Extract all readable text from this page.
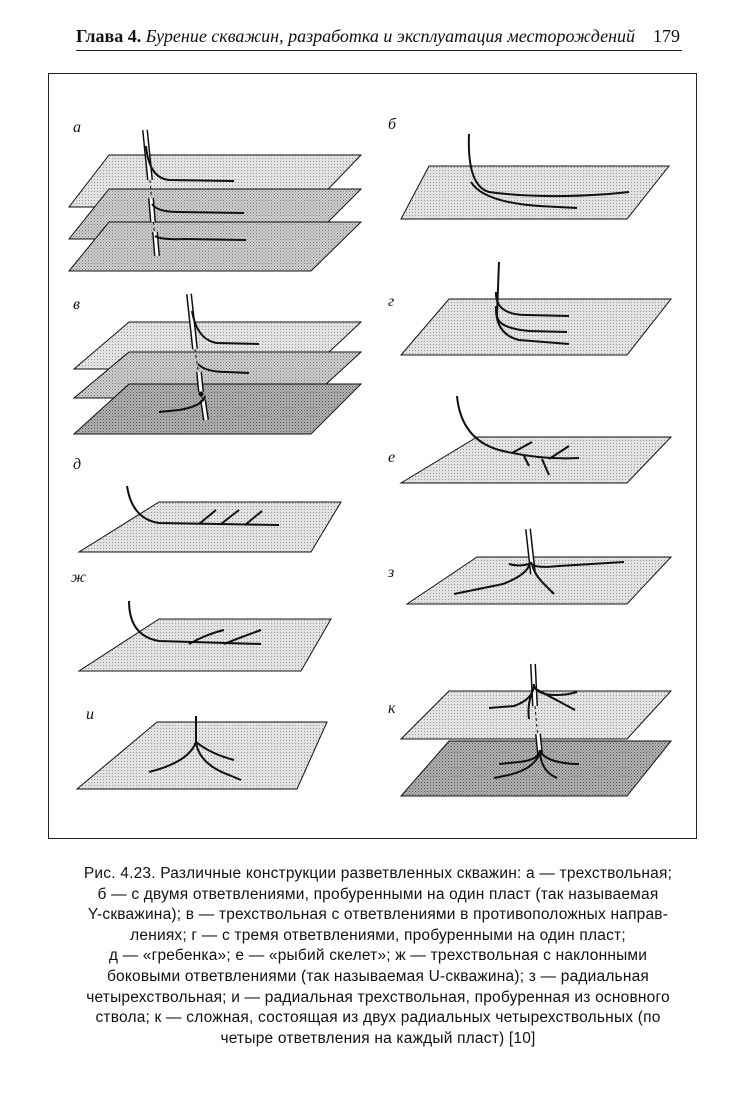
Глава 4. Бурение скважин, разработка и эксплуатация месторождений 179
а	б
в	г
д	е
ж	з
и	к
Рис. 4.23. Различные конструкции разветвленных скважин: а — трехствольная;
б — с двумя ответвлениями, пробуренными на один пласт (так называемая
Y-скважина); в — трехствольная с ответвлениями в противоположных направ-
лениях; г — с тремя ответвлениями, пробуренными на один пласт;
д — «гребенка»; е — «рыбий скелет»; ж — трехствольная с наклонными
боковыми ответвлениями (так называемая U-скважина); з — радиальная
четырехствольная; и — радиальная трехствольная, пробуренная из основного
ствола; к — сложная, состоящая из двух радиальных четырехствольных (по
четыре ответвления на каждый пласт) [10]
